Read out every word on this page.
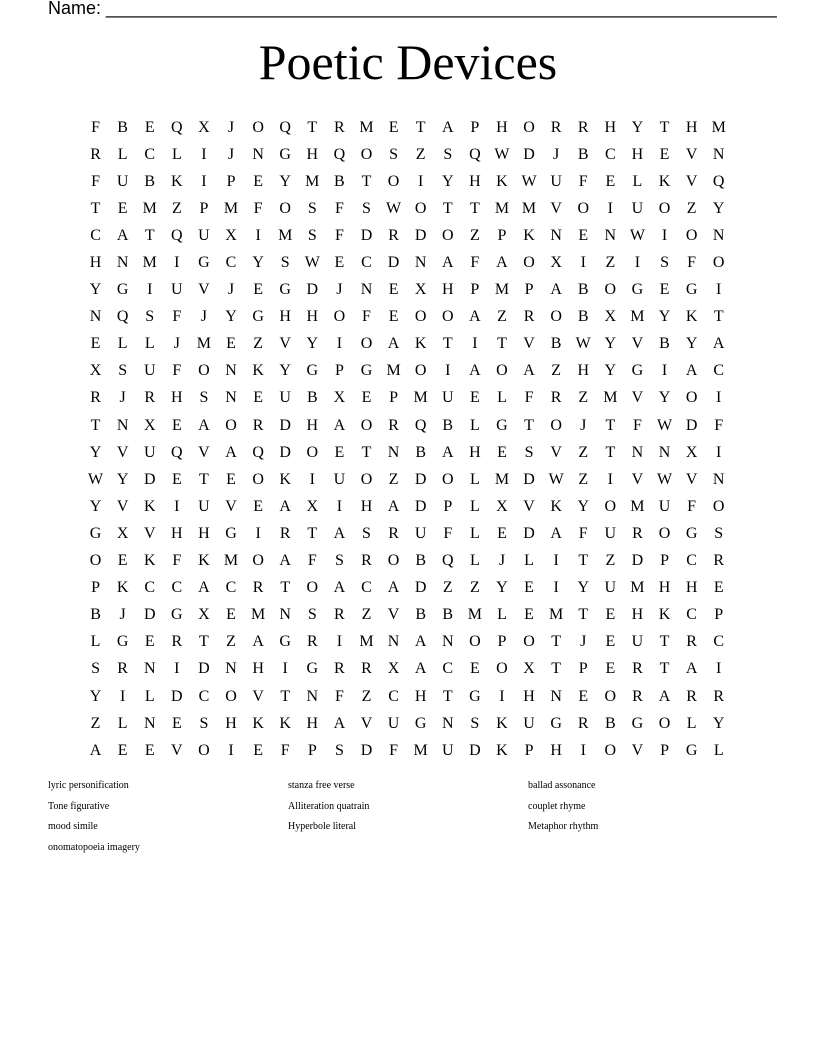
Name: ___________________________________________________________________
Poetic Devices
F	B	E	Q X	J	O Q	T	R M E	T	A	P	H O R	R H Y	T	H M
R	L	C	L	I	J	N G H Q O	S	Z	S	Q W D	J	B	C H	E	V N
F	U B K	I	P	E	Y M B	T	O	I	Y H K W U	F	E	L	K V Q
T	E M Z	P M F	O	S	F	S W O	T	T M M V O	I	U O	Z	Y
C A	T	Q U X	I	M S	F	D R D O	Z	P	K N	E	N W	I	O N
H N M	I	G C Y	S W E	C D N A	F	A O X	I	Z	I	S	F	O
Y G	I	U V	J	E	G D	J	N	E	X H	P M P	A B O G	E	G	I
N Q	S	F	J	Y G H H O	F	E	O O A	Z	R O B X M Y K	T
E	L	L	J	M E	Z	V Y	I	O A K	T	I	T	V B W Y V B Y A
X	S	U	F	O N K Y G	P	G M O	I	A O A	Z	H Y G	I	A C
R	J	R H	S	N	E	U B X	E	P M U	E	L	F	R	Z M V Y O	I
T	N X	E	A O R D H A O R Q B	L	G	T	O	J	T	F W D	F
Y V U Q V A Q D O	E	T	N B A H	E	S	V	Z	T	N N X	I
W Y D	E	T	E	O K	I	U O	Z	D O	L M D W Z	I	V W V N
Y V K	I	U V	E	A X	I	H A D	P	L	X V K Y O M U	F	O
G X V H H G	I	R	T	A	S	R U	F	L	E	D A	F	U R O G	S
O	E	K	F	K M O A	F	S	R O B Q	L	J	L	I	T	Z	D	P	C	R
P	K C	C A C	R	T	O A C A D	Z	Z	Y	E	I	Y U M H H	E
B	J	D G X	E M N	S	R	Z	V B	B M L	E M T	E	H K C	P
L	G	E	R	T	Z	A G R	I	M N A N O	P	O	T	J	E	U	T	R	C
S	R N	I	D N H	I	G R	R X A C	E	O X	T	P	E	R	T	A	I
Y	I	L	D C O V	T	N	F	Z	C H	T	G	I	H N	E	O R A R	R
Z	L	N	E	S	H K K H A V U G N	S	K U G R	B G O	L	Y
A	E	E	V O	I	E	F	P	S	D	F M U D K	P	H	I	O V	P	G	L
lyric personification	stanza free verse	ballad assonance
Tone figurative	Alliteration quatrain	couplet rhyme
mood simile	Hyperbole literal	Metaphor rhythm
onomatopoeia imagery
